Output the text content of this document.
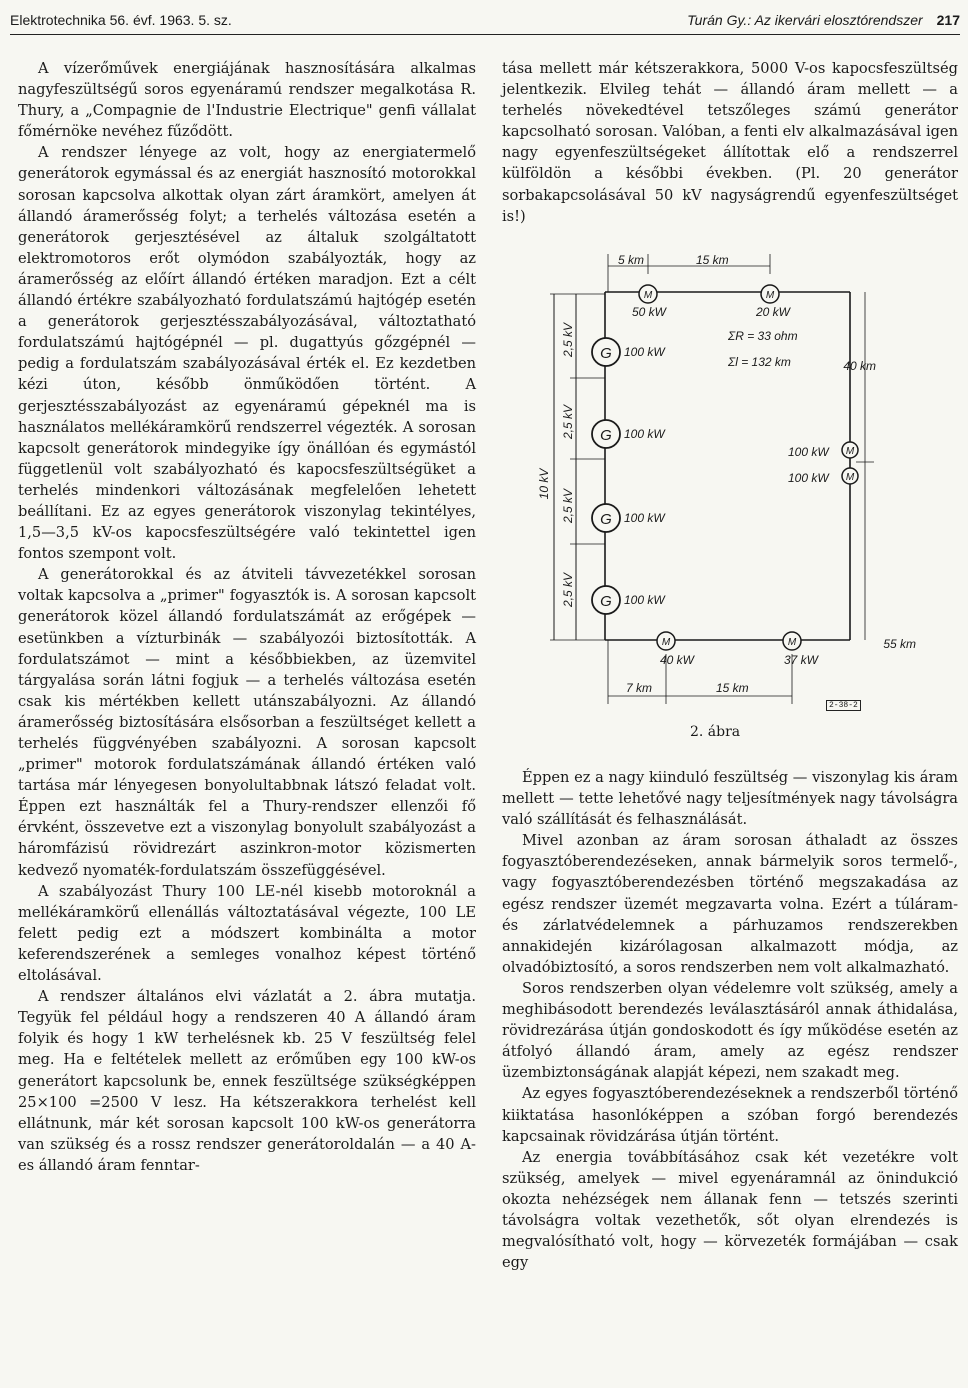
Elektrotechnika 56. évf. 1963. 5. sz.	Turán Gy.: Az ikervári elosztórendszer 217

A vízerőművek energiájának hasznosítására alkalmas nagyfeszültségű soros egyenáramú rendszer megalkotása R. Thury, a „Compagnie de l'Industrie Electrique" genfi vállalat főmérnöke nevéhez fűződött.

A rendszer lényege az volt, hogy az energiatermelő generátorok egymással és az energiát hasznosító motorokkal sorosan kapcsolva alkottak olyan zárt áramkört, amelyen át állandó áramerősség folyt; a terhelés változása esetén a generátorok gerjesztésével az általuk szolgáltatott elektromotoros erőt olymódon szabályozták, hogy az áramerősség az előírt állandó értéken maradjon. Ezt a célt állandó értékre szabályozható fordulatszámú hajtógép esetén a generátorok gerjesztésszabályozásával, változtatható fordulatszámú hajtógépnél — pl. dugattyús gőzgépnél — pedig a fordulatszám szabályozásával érték el. Ez kezdetben kézi úton, később önműködően történt. A gerjesztésszabályozást az egyenáramú gépeknél ma is használatos mellékáramkörű rendszerrel végezték. A sorosan kapcsolt generátorok mindegyike így önállóan és egymástól függetlenül volt szabályozható és kapocsfeszültségüket a terhelés mindenkori változásának megfelelően lehetett beállítani. Ez az egyes generátorok viszonylag tekintélyes, 1,5—3,5 kV-os kapocsfeszültségére való tekintettel igen fontos szempont volt.

A generátorokkal és az átviteli távvezetékkel sorosan voltak kapcsolva a „primer" fogyasztók is. A sorosan kapcsolt generátorok közel állandó fordulatszámát az erőgépek — esetünkben a vízturbinák — szabályozói biztosították. A fordulatszámot — mint a későbbiekben, az üzemvitel tárgyalása során látni fogjuk — a terhelés változása esetén csak kis mértékben kellett utánszabályozni. Az állandó áramerősség biztosítására elsősorban a feszültséget kellett a terhelés függvényében szabályozni. A sorosan kapcsolt „primer" motorok fordulatszámának állandó értéken való tartása már lényegesen bonyolultabbnak látszó feladat volt. Éppen ezt használták fel a Thury-rendszer ellenzői fő érvként, összevetve ezt a viszonylag bonyolult szabályozást a háromfázisú rövidrezárt aszinkron-motor közismerten kedvező nyomaték-fordulatszám összefüggésével.

A szabályozást Thury 100 LE-nél kisebb motoroknál a mellékáramkörű ellenállás változtatásával végezte, 100 LE felett pedig ezt a módszert kombinálta a motor keferendszerének a semleges vonalhoz képest történő eltolásával.

A rendszer általános elvi vázlatát a 2. ábra mutatja. Tegyük fel például hogy a rendszeren 40 A állandó áram folyik és hogy 1 kW terhelésnek kb. 25 V feszültség felel meg. Ha e feltételek mellett az erőműben egy 100 kW-os generátort kapcsolunk be, ennek feszültsége szükségképpen 25×100 =2500 V lesz. Ha kétszerakkora terhelést kell ellátnunk, már két sorosan kapcsolt 100 kW-os generátorra van szükség és a rossz rendszer generátoroldalán — a 40 A-es állandó áram fenntar-

tása mellett már kétszerakkora, 5000 V-os kapocsfeszültség jelentkezik. Elvileg tehát — állandó áram mellett — a terhelés növekedtével tetszőleges számú generátor kapcsolható sorosan. Valóban, a fenti elv alkalmazásával igen nagy egyenfeszültségeket állítottak elő a rendszerrel külföldön a későbbi években. (Pl. 20 generátor sorbakapcsolásával 50 kV nagyságrendű egyenfeszültséget is!)

G
G
G
G
M	M
M
M
M	M
5 km	15 km
50 kW	20 kW
ΣR = 33 ohm
Σl = 132 km
100 kW
100 kW
100 kW
100 kW
100 kW
100 kW
40 km
55 km
40 kW	37 kW
7 km	15 km
10 kV
2,5 kV
2,5 kV
2,5 kV
2,5 kV
2-38-2
2. ábra

Éppen ez a nagy kiinduló feszültség — viszonylag kis áram mellett — tette lehetővé nagy teljesítmények nagy távolságra való szállítását és felhasználását.

Mivel azonban az áram sorosan áthaladt az összes fogyasztóberendezéseken, annak bármelyik soros termelő-, vagy fogyasztóberendezésben történő megszakadása az egész rendszer üzemét megzavarta volna. Ezért a túláram- és zárlatvédelemnek a párhuzamos rendszerekben annakidején kizárólagosan alkalmazott módja, az olvadóbiztosító, a soros rendszerben nem volt alkalmazható.

Soros rendszerben olyan védelemre volt szükség, amely a meghibásodott berendezés leválasztásáról annak áthidalása, rövidrezárása útján gondoskodott és így működése esetén az átfolyó állandó áram, amely az egész rendszer üzembiztonságának alapját képezi, nem szakadt meg.

Az egyes fogyasztóberendezéseknek a rendszerből történő kiiktatása hasonlóképpen a szóban forgó berendezés kapcsainak rövidzárása útján történt.

Az energia továbbításához csak két vezetékre volt szükség, amelyek — mivel egyenáramnál az önindukció okozta nehézségek nem állanak fenn — tetszés szerinti távolságra voltak vezethetők, sőt olyan elrendezés is megvalósítható volt, hogy — körvezeték formájában — csak egy
